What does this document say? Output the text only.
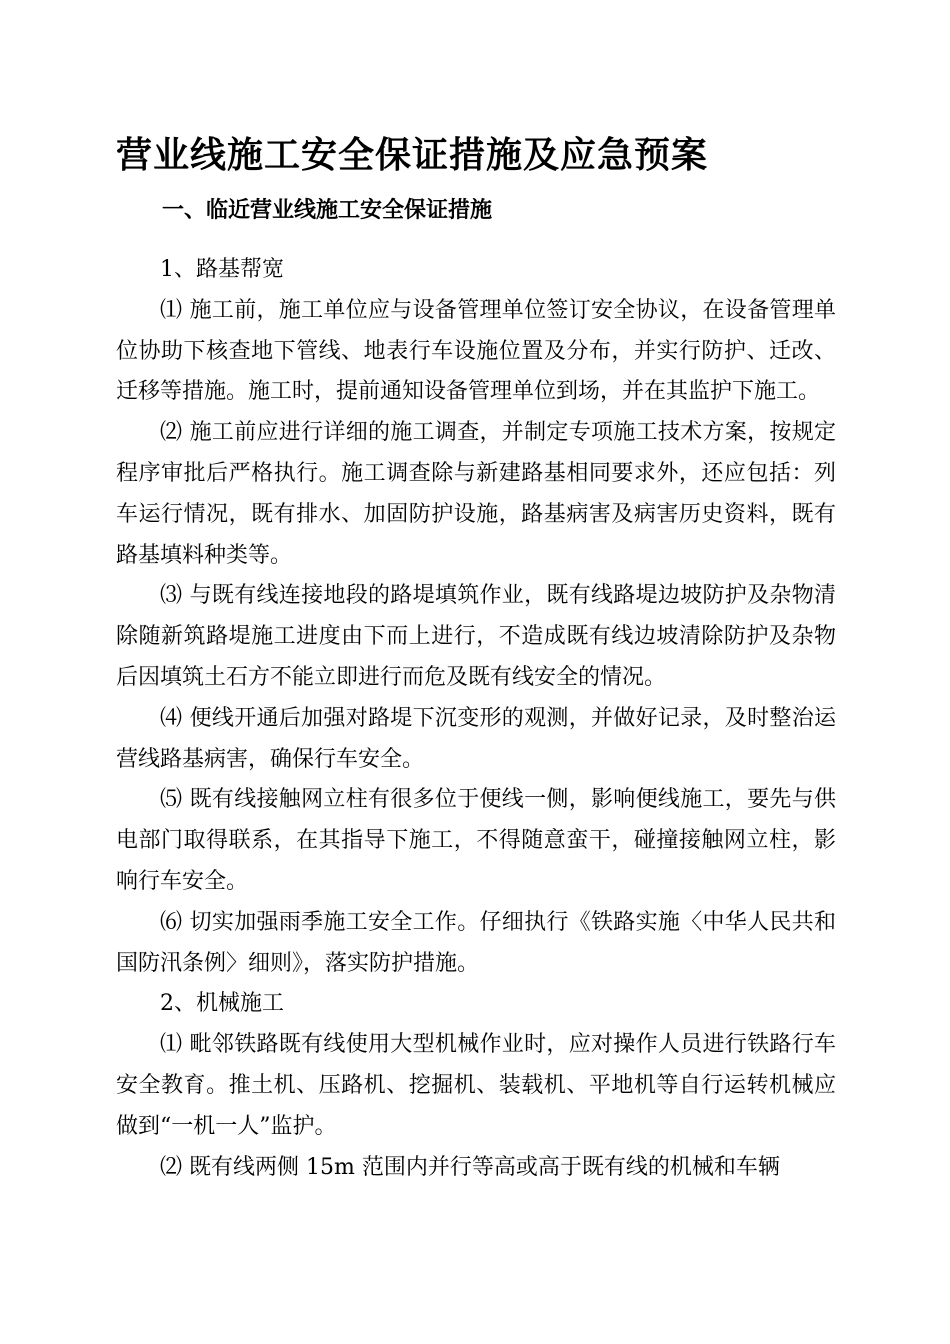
营业线施工安全保证措施及应急预案
一、临近营业线施工安全保证措施

1、路基帮宽

⑴ 施工前，施工单位应与设备管理单位签订安全协议，在设备管理单位协助下核查地下管线、地表行车设施位置及分布，并实行防护、迁改、迁移等措施。施工时，提前通知设备管理单位到场，并在其监护下施工。

⑵ 施工前应进行详细的施工调查，并制定专项施工技术方案，按规定程序审批后严格执行。施工调查除与新建路基相同要求外，还应包括：列车运行情况，既有排水、加固防护设施，路基病害及病害历史资料，既有路基填料种类等。

⑶ 与既有线连接地段的路堤填筑作业，既有线路堤边坡防护及杂物清除随新筑路堤施工进度由下而上进行，不造成既有线边坡清除防护及杂物后因填筑土石方不能立即进行而危及既有线安全的情况。

⑷ 便线开通后加强对路堤下沉变形的观测，并做好记录，及时整治运营线路基病害，确保行车安全。

⑸ 既有线接触网立柱有很多位于便线一侧，影响便线施工，要先与供电部门取得联系，在其指导下施工，不得随意蛮干，碰撞接触网立柱，影响行车安全。

⑹ 切实加强雨季施工安全工作。仔细执行《铁路实施〈中华人民共和国防汛条例〉细则》，落实防护措施。

2、机械施工

⑴ 毗邻铁路既有线使用大型机械作业时，应对操作人员进行铁路行车安全教育。推土机、压路机、挖掘机、装载机、平地机等自行运转机械应做到“一机一人”监护。

⑵ 既有线两侧 15m 范围内并行等高或高于既有线的机械和车辆
